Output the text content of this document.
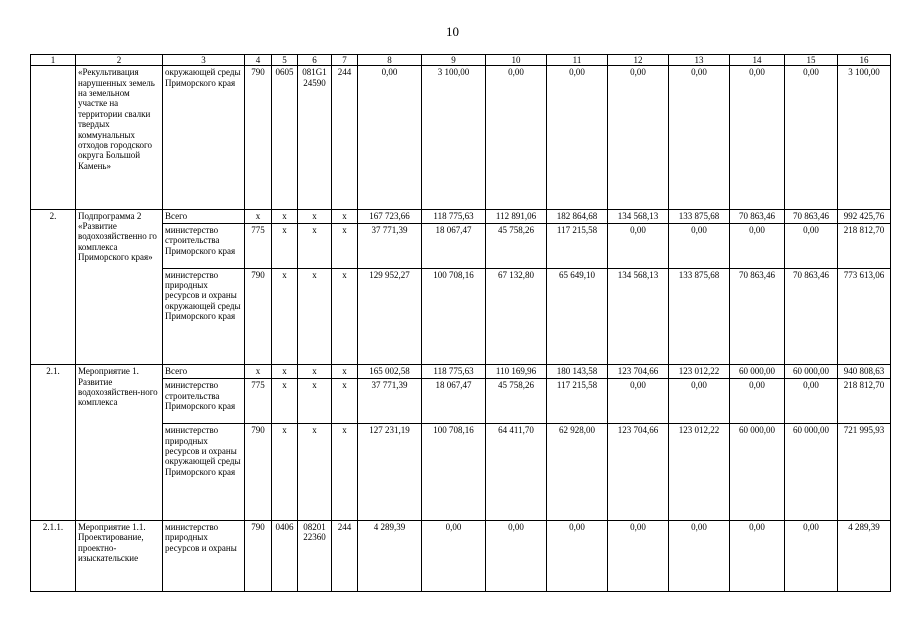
10
1	2	3	4	5	6	7	8	9	10	11	12	13	14	15	16
	«Рекультивация нарушенных земель на земельном участке на территории свалки твердых коммунальных отходов городского округа Большой Камень»	окружающей среды Приморского края	790	0605	081G1 24590	244	0,00	3 100,00	0,00	0,00	0,00	0,00	0,00	0,00	3 100,00
2.	Подпрограмма 2 «Развитие водохозяйственно го комплекса Приморского края»	Всего	x	x	x	x	167 723,66	118 775,63	112 891,06	182 864,68	134 568,13	133 875,68	70 863,46	70 863,46	992 425,76
		министерство строительства Приморского края	775	x	x	x	37 771,39	18 067,47	45 758,26	117 215,58	0,00	0,00	0,00	0,00	218 812,70
		министерство природных ресурсов и охраны окружающей среды Приморского края	790	x	x	x	129 952,27	100 708,16	67 132,80	65 649,10	134 568,13	133 875,68	70 863,46	70 863,46	773 613,06
2.1.	Мероприятие 1. Развитие водохозяйствен-ного комплекса	Всего	x	x	x	x	165 002,58	118 775,63	110 169,96	180 143,58	123 704,66	123 012,22	60 000,00	60 000,00	940 808,63
		министерство строительства Приморского края	775	x	x	x	37 771,39	18 067,47	45 758,26	117 215,58	0,00	0,00	0,00	0,00	218 812,70
		министерство природных ресурсов и охраны окружающей среды Приморского края	790	x	x	x	127 231,19	100 708,16	64 411,70	62 928,00	123 704,66	123 012,22	60 000,00	60 000,00	721 995,93
2.1.1.	Мероприятие 1.1. Проектирование, проектно-изыскательские	министерство природных ресурсов и охраны	790	0406	08201 22360	244	4 289,39	0,00	0,00	0,00	0,00	0,00	0,00	0,00	4 289,39
